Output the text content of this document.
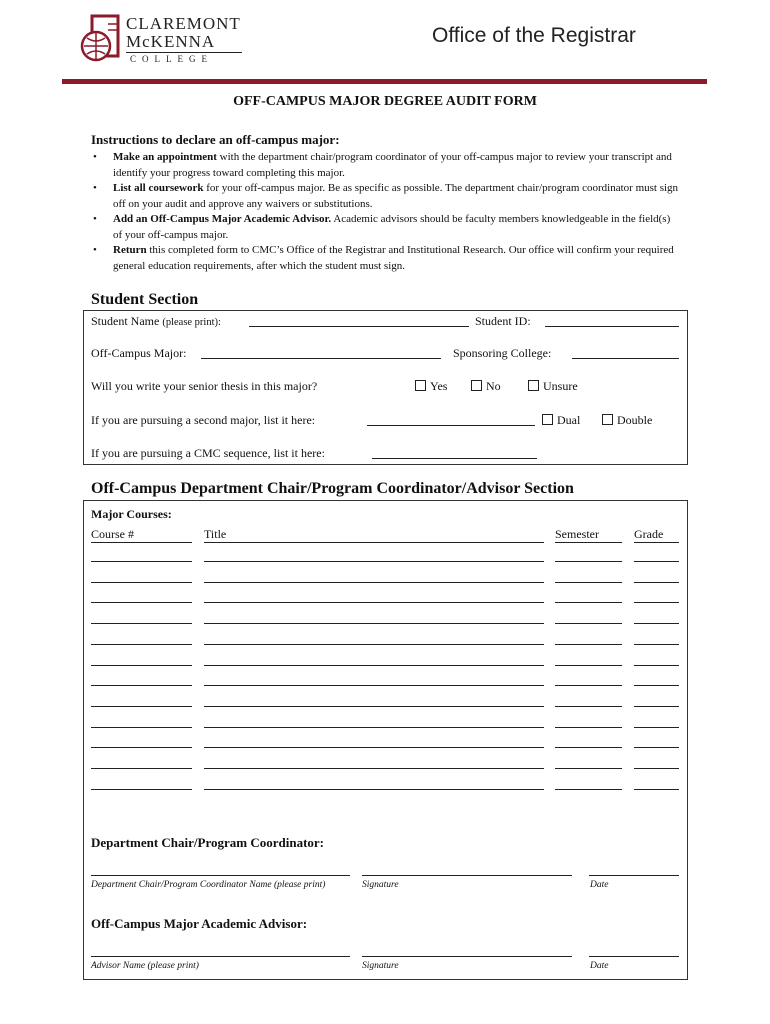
CLAREMONT
McKENNA
COLLEGE
Office of the Registrar
OFF-CAMPUS MAJOR DEGREE AUDIT FORM
Instructions to declare an off-campus major:
• Make an appointment with the department chair/program coordinator of your off-campus major to review your transcript and identify your progress toward completing this major.
• List all coursework for your off-campus major. Be as specific as possible. The department chair/program coordinator must sign off on your audit and approve any waivers or substitutions.
• Add an Off-Campus Major Academic Advisor. Academic advisors should be faculty members knowledgeable in the field(s) of your off-campus major.
• Return this completed form to CMC’s Office of the Registrar and Institutional Research. Our office will confirm your required general education requirements, after which the student must sign.
Student Section
Student Name (please print):	Student ID:
Off-Campus Major:	Sponsoring College:
Will you write your senior thesis in this major?	Yes	No	Unsure
If you are pursuing a second major, list it here:	Dual	Double
If you are pursuing a CMC sequence, list it here:
Off-Campus Department Chair/Program Coordinator/Advisor Section
Major Courses:
Course #	Title	Semester	Grade
Department Chair/Program Coordinator:
Department Chair/Program Coordinator Name (please print)	Signature	Date
Off-Campus Major Academic Advisor:
Advisor Name (please print)	Signature	Date
